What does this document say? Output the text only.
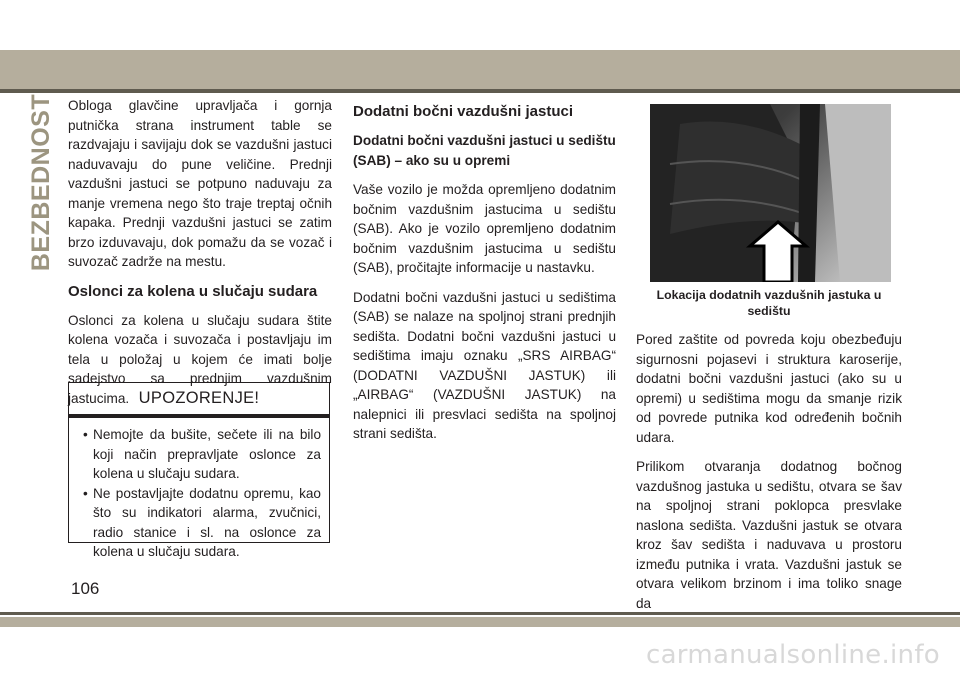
BEZBEDNOST Obloga glavčine upravljača i gornja putnička strana instrument table se razdvajaju i savijaju dok se vazdušni jastuci naduvavaju do pune veličine. Prednji vazdušni jastuci se potpuno naduvaju za manje vremena nego što traje treptaj očnih kapaka. Prednji vazdušni jastuci se zatim brzo izduvavaju, dok pomažu da se vozač i suvozač zadrže na mestu.

Oslonci za kolena u slučaju sudara

Oslonci za kolena u slučaju sudara štite kolena vozača i suvozača i postavljaju im tela u položaj u kojem će imati bolje sadejstvo sa prednjim vazdušnim jastucima. UPOZORENJE!
• Nemojte da bušite, sečete ili na bilo koji način prepravljate oslonce za kolena u slučaju sudara.
• Ne postavljajte dodatnu opremu, kao što su indikatori alarma, zvučnici, radio stanice i sl. na oslonce za kolena u slučaju sudara.
Dodatni bočni vazdušni jastuci
Dodatni bočni vazdušni jastuci u sedištu (SAB) – ako su u opremi

Vaše vozilo je možda opremljeno dodatnim bočnim vazdušnim jastucima u sedištu (SAB). Ako je vozilo opremljeno dodatnim bočnim vazdušnim jastucima u sedištu (SAB), pročitajte informacije u nastavku.

Dodatni bočni vazdušni jastuci u sedištima (SAB) se nalaze na spoljnoj strani prednjih sedišta. Dodatni bočni vazdušni jastuci u sedištima imaju oznaku „SRS AIRBAG“ (DODATNI VAZDUŠNI JASTUK) ili „AIRBAG“ (VAZDUŠNI JASTUK) na nalepnici ili presvlaci sedišta na spoljnoj strani sedišta.

Lokacija dodatnih vazdušnih jastuka u sedištu

Pored zaštite od povreda koju obezbeđuju sigurnosni pojasevi i struktura karoserije, dodatni bočni vazdušni jastuci (ako su u opremi) u sedištima mogu da smanje rizik od povrede putnika kod određenih bočnih udara.

Prilikom otvaranja dodatnog bočnog vazdušnog jastuka u sedištu, otvara se šav na spoljnoj strani poklopca presvlake naslona sedišta. Vazdušni jastuk se otvara kroz šav sedišta i naduvava u prostoru između putnika i vrata. Vazdušni jastuk se otvara velikom brzinom i ima toliko snage da

106
carmanualsonline.info
